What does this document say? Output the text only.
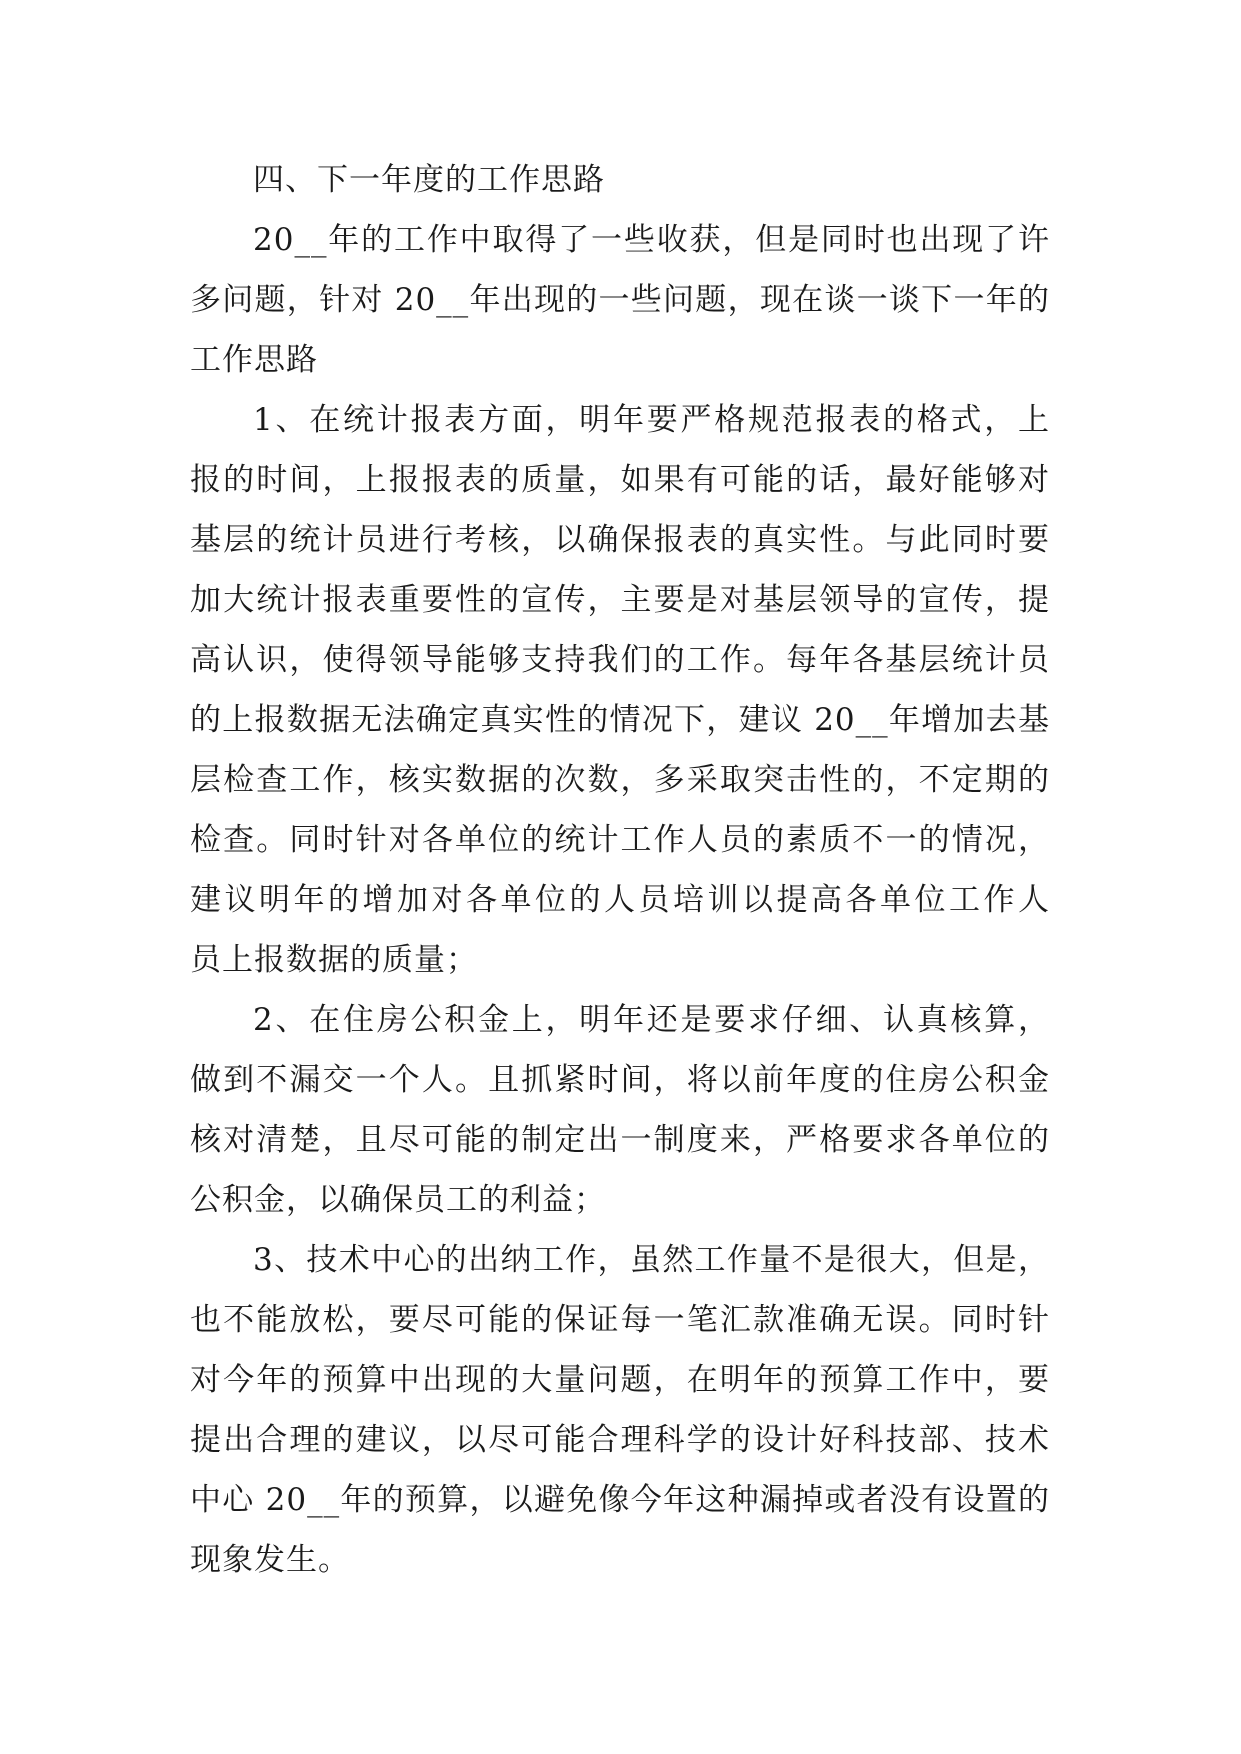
四、下一年度的工作思路
20__年的工作中取得了一些收获，但是同时也出现了许
多问题，针对 20__年出现的一些问题，现在谈一谈下一年的
工作思路
1、在统计报表方面，明年要严格规范报表的格式，上
报的时间，上报报表的质量，如果有可能的话，最好能够对
基层的统计员进行考核，以确保报表的真实性。与此同时要
加大统计报表重要性的宣传，主要是对基层领导的宣传，提
高认识，使得领导能够支持我们的工作。每年各基层统计员
的上报数据无法确定真实性的情况下，建议 20__年增加去基
层检查工作，核实数据的次数，多采取突击性的，不定期的
检查。同时针对各单位的统计工作人员的素质不一的情况，
建议明年的增加对各单位的人员培训以提高各单位工作人
员上报数据的质量；
2、在住房公积金上，明年还是要求仔细、认真核算，
做到不漏交一个人。且抓紧时间，将以前年度的住房公积金
核对清楚，且尽可能的制定出一制度来，严格要求各单位的
公积金，以确保员工的利益；
3、技术中心的出纳工作，虽然工作量不是很大，但是，
也不能放松，要尽可能的保证每一笔汇款准确无误。同时针
对今年的预算中出现的大量问题，在明年的预算工作中，要
提出合理的建议，以尽可能合理科学的设计好科技部、技术
中心 20__年的预算，以避免像今年这种漏掉或者没有设置的
现象发生。
